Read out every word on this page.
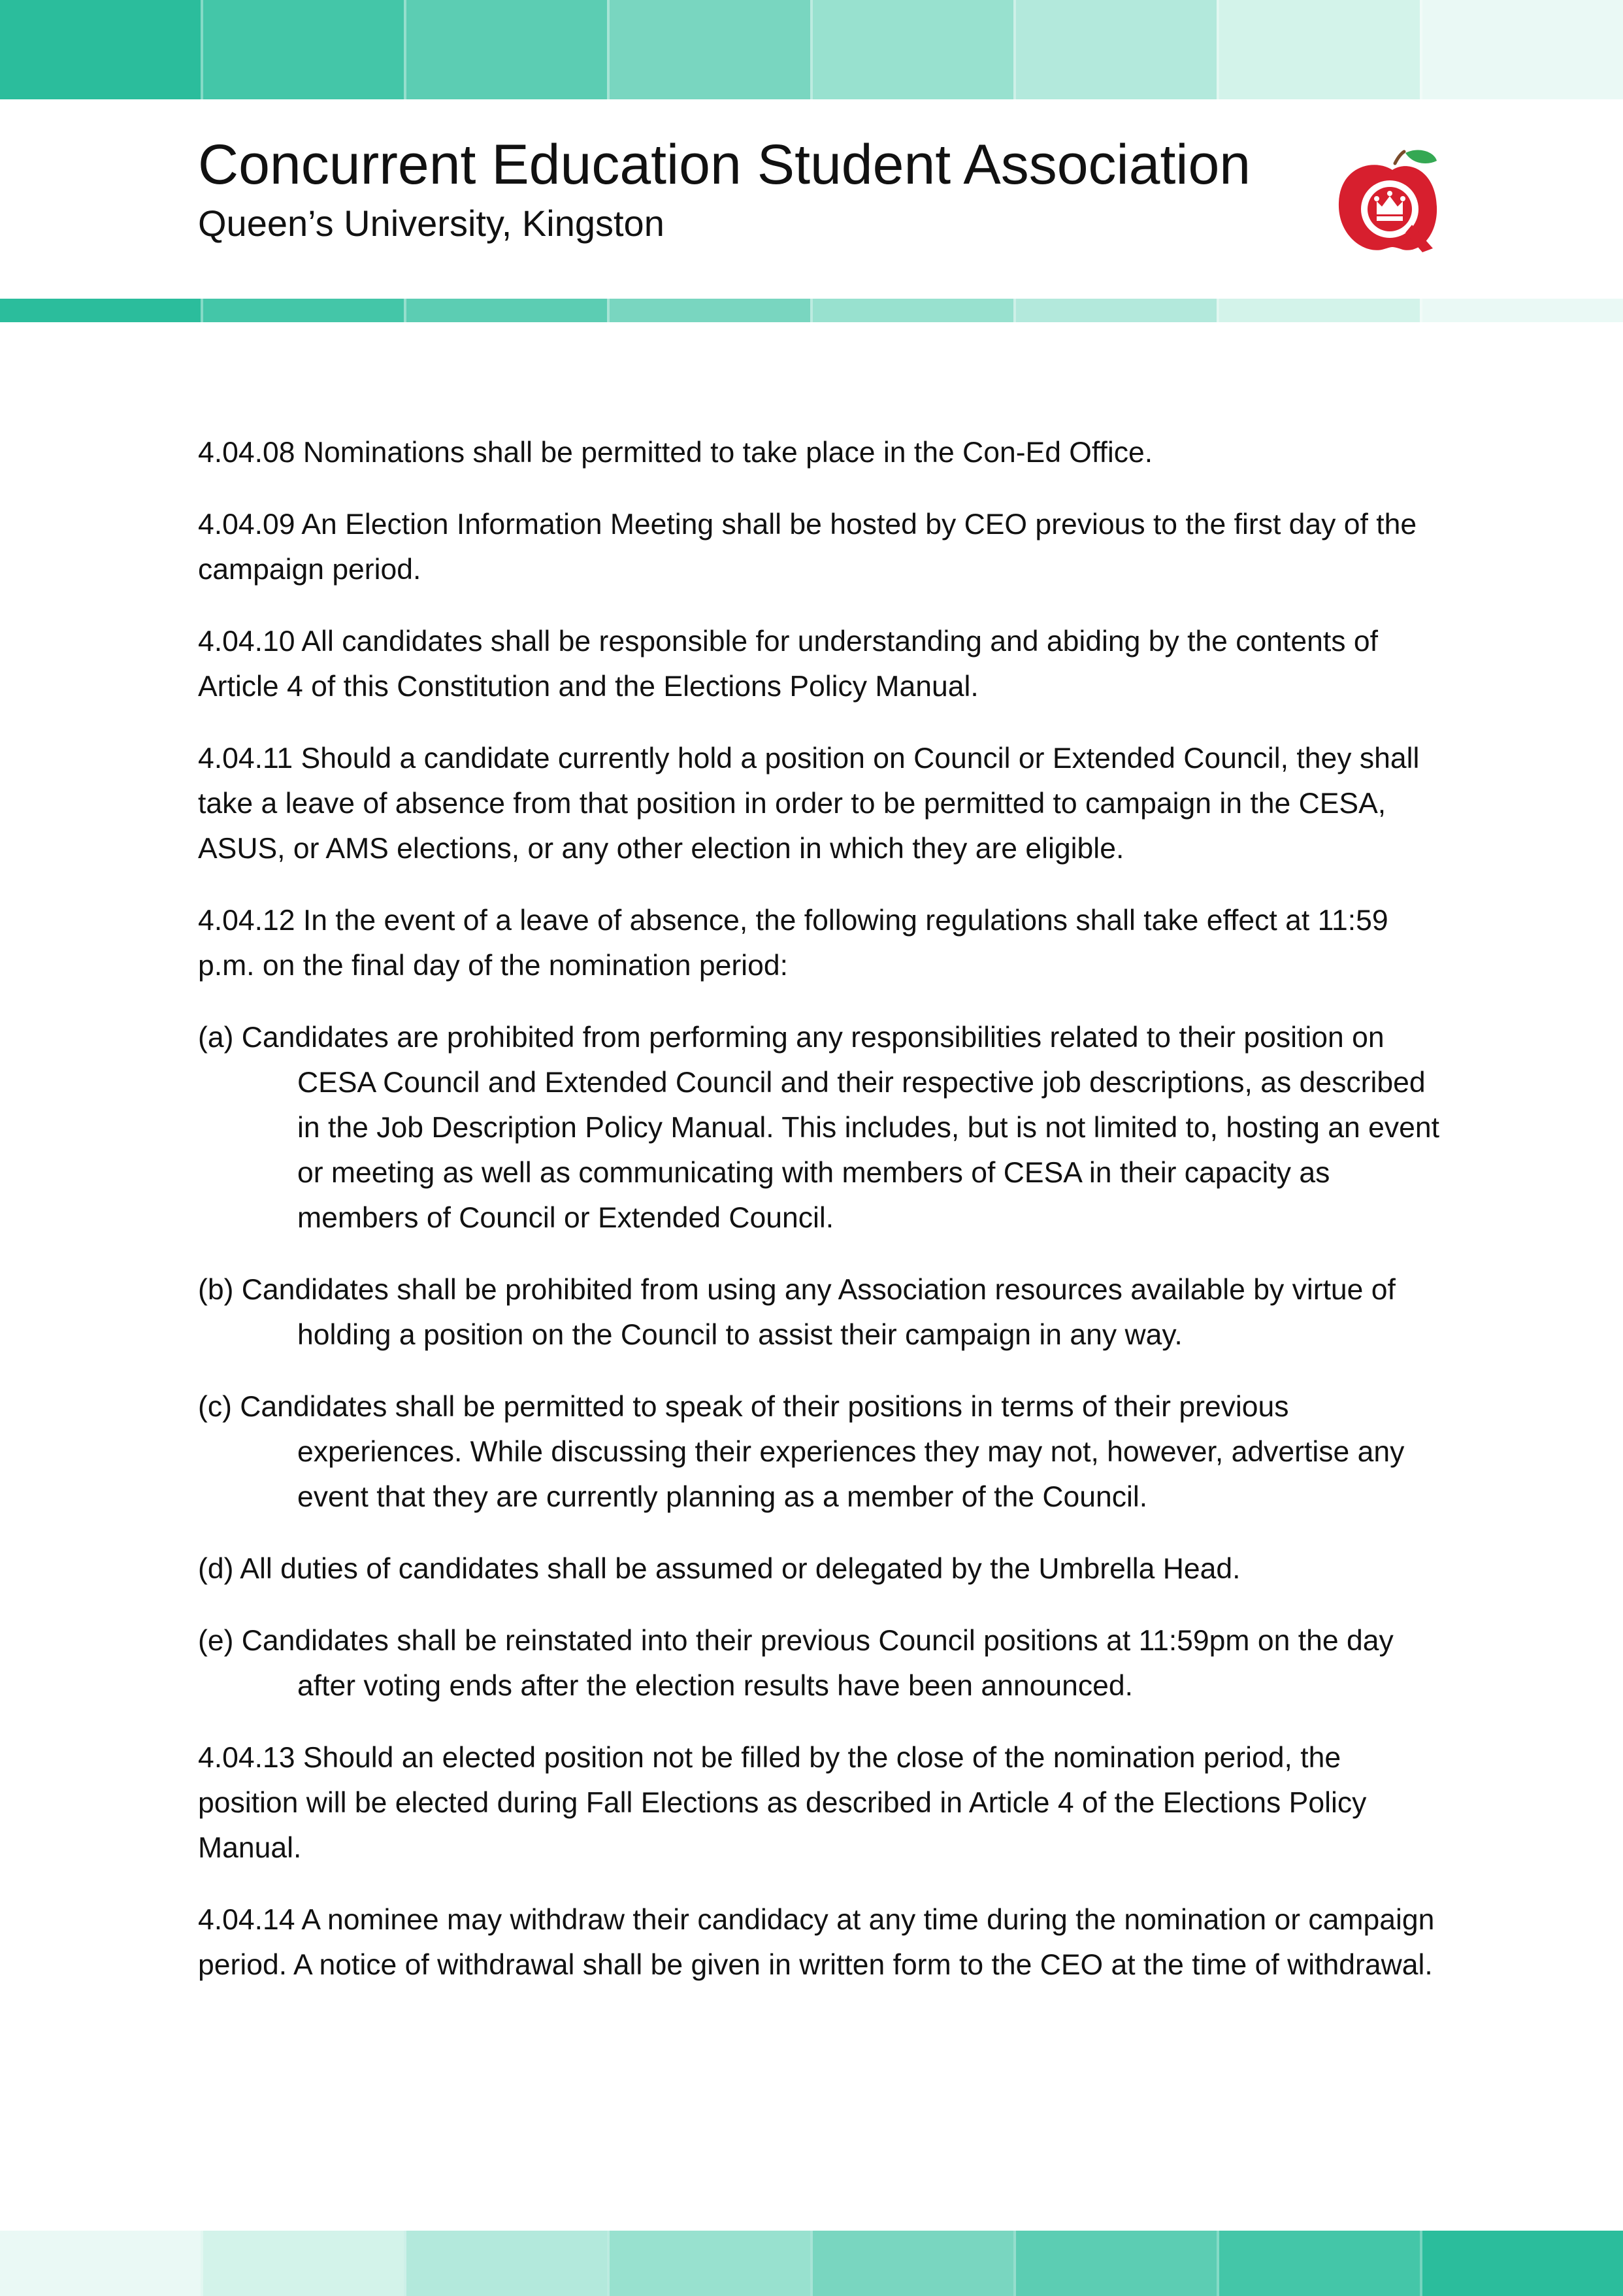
Concurrent Education Student Association
Queen’s University, Kingston

4.04.08 Nominations shall be permitted to take place in the Con-Ed Office.

4.04.09 An Election Information Meeting shall be hosted by CEO previous to the first day of the campaign period.

4.04.10 All candidates shall be responsible for understanding and abiding by the contents of Article 4 of this Constitution and the Elections Policy Manual.

4.04.11 Should a candidate currently hold a position on Council or Extended Council, they shall take a leave of absence from that position in order to be permitted to campaign in the CESA, ASUS, or AMS elections, or any other election in which they are eligible.

4.04.12 In the event of a leave of absence, the following regulations shall take effect at 11:59 p.m. on the final day of the nomination period:

(a) Candidates are prohibited from performing any responsibilities related to their position on CESA Council and Extended Council and their respective job descriptions, as described in the Job Description Policy Manual. This includes, but is not limited to, hosting an event or meeting as well as communicating with members of CESA in their capacity as members of Council or Extended Council.

(b) Candidates shall be prohibited from using any Association resources available by virtue of holding a position on the Council to assist their campaign in any way.

(c) Candidates shall be permitted to speak of their positions in terms of their previous experiences. While discussing their experiences they may not, however, advertise any event that they are currently planning as a member of the Council.

(d) All duties of candidates shall be assumed or delegated by the Umbrella Head.

(e) Candidates shall be reinstated into their previous Council positions at 11:59pm on the day after voting ends after the election results have been announced.

4.04.13 Should an elected position not be filled by the close of the nomination period, the position will be elected during Fall Elections as described in Article 4 of the Elections Policy Manual.

4.04.14 A nominee may withdraw their candidacy at any time during the nomination or campaign period. A notice of withdrawal shall be given in written form to the CEO at the time of withdrawal.
